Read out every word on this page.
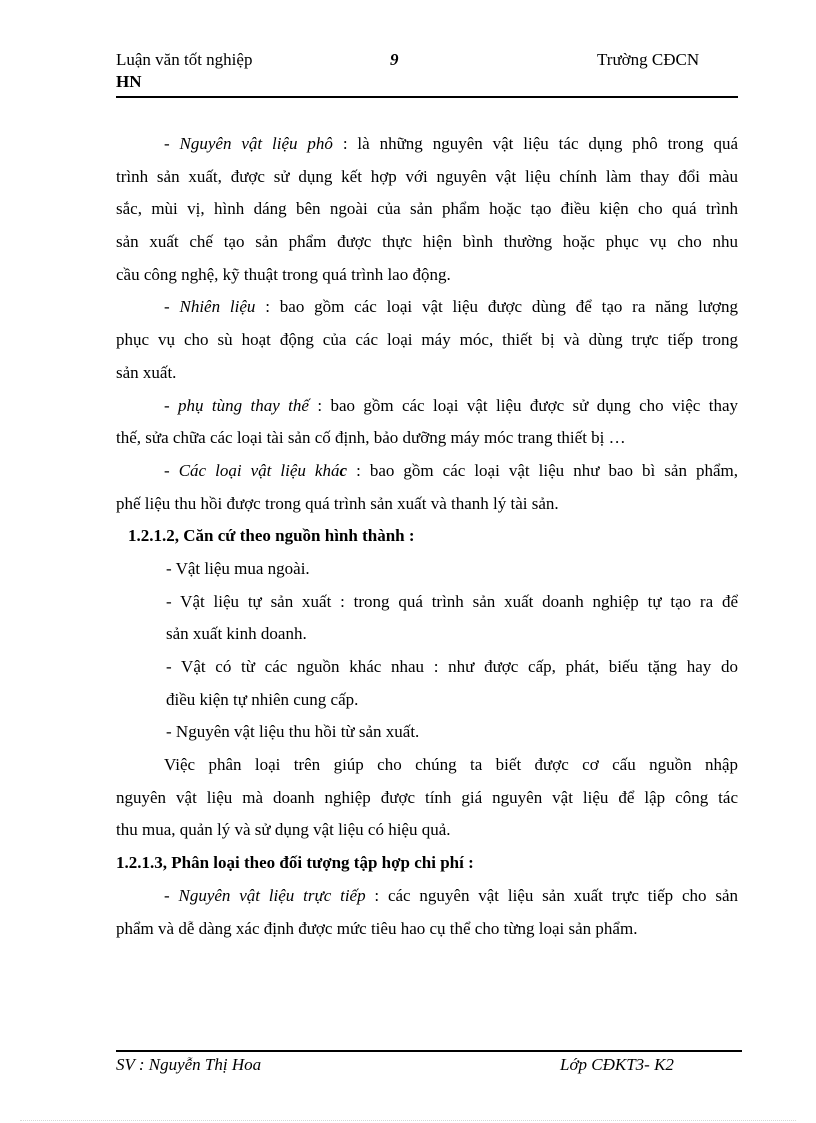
Luận văn tốt nghiệp
HN
9	Trường CĐCN
- Nguyên vật liệu phô : là những nguyên vật liệu tác dụng phô trong quá
trình sản xuất, được sử dụng kết hợp với nguyên vật liệu chính làm thay đổi màu
sắc, mùi vị, hình dáng bên ngoài của sản phẩm hoặc tạo điều kiện cho quá trình
sản xuất chế tạo sản phẩm được thực hiện bình thường hoặc phục vụ cho nhu
cầu công nghệ, kỹ thuật trong quá trình lao động.
- Nhiên liệu : bao gồm các loại vật liệu được dùng để tạo ra năng lượng
phục vụ cho sù hoạt động của các loại máy móc, thiết bị và dùng trực tiếp trong
sản xuất.
- phụ tùng thay thế : bao gồm các loại vật liệu được sử dụng cho việc thay
thế, sửa chữa các loại tài sản cố định, bảo dưỡng máy móc trang thiết bị …
- Các loại vật liệu khác : bao gồm các loại vật liệu như bao bì sản phẩm,
phế liệu thu hồi được trong quá trình sản xuất và thanh lý tài sản.
1.2.1.2, Căn cứ theo nguồn hình thành :
- Vật liệu mua ngoài.
- Vật liệu tự sản xuất : trong quá trình sản xuất doanh nghiệp tự tạo ra để
sản xuất kinh doanh.
- Vật có từ các nguồn khác nhau : như được cấp, phát, biếu tặng hay do
điều kiện tự nhiên cung cấp.
- Nguyên vật liệu thu hồi từ sản xuất.
Việc phân loại trên giúp cho chúng ta biết được cơ cấu nguồn nhập
nguyên vật liệu mà doanh nghiệp được tính giá nguyên vật liệu để lập công tác
thu mua, quản lý và sử dụng vật liệu có hiệu quả.
1.2.1.3, Phân loại theo đối tượng tập hợp chi phí :
- Nguyên vật liệu trực tiếp : các nguyên vật liệu sản xuất trực tiếp cho sản
phẩm và dễ dàng xác định được mức tiêu hao cụ thể cho từng loại sản phẩm.
SV : Nguyễn Thị Hoa	Lớp CĐKT3- K2
